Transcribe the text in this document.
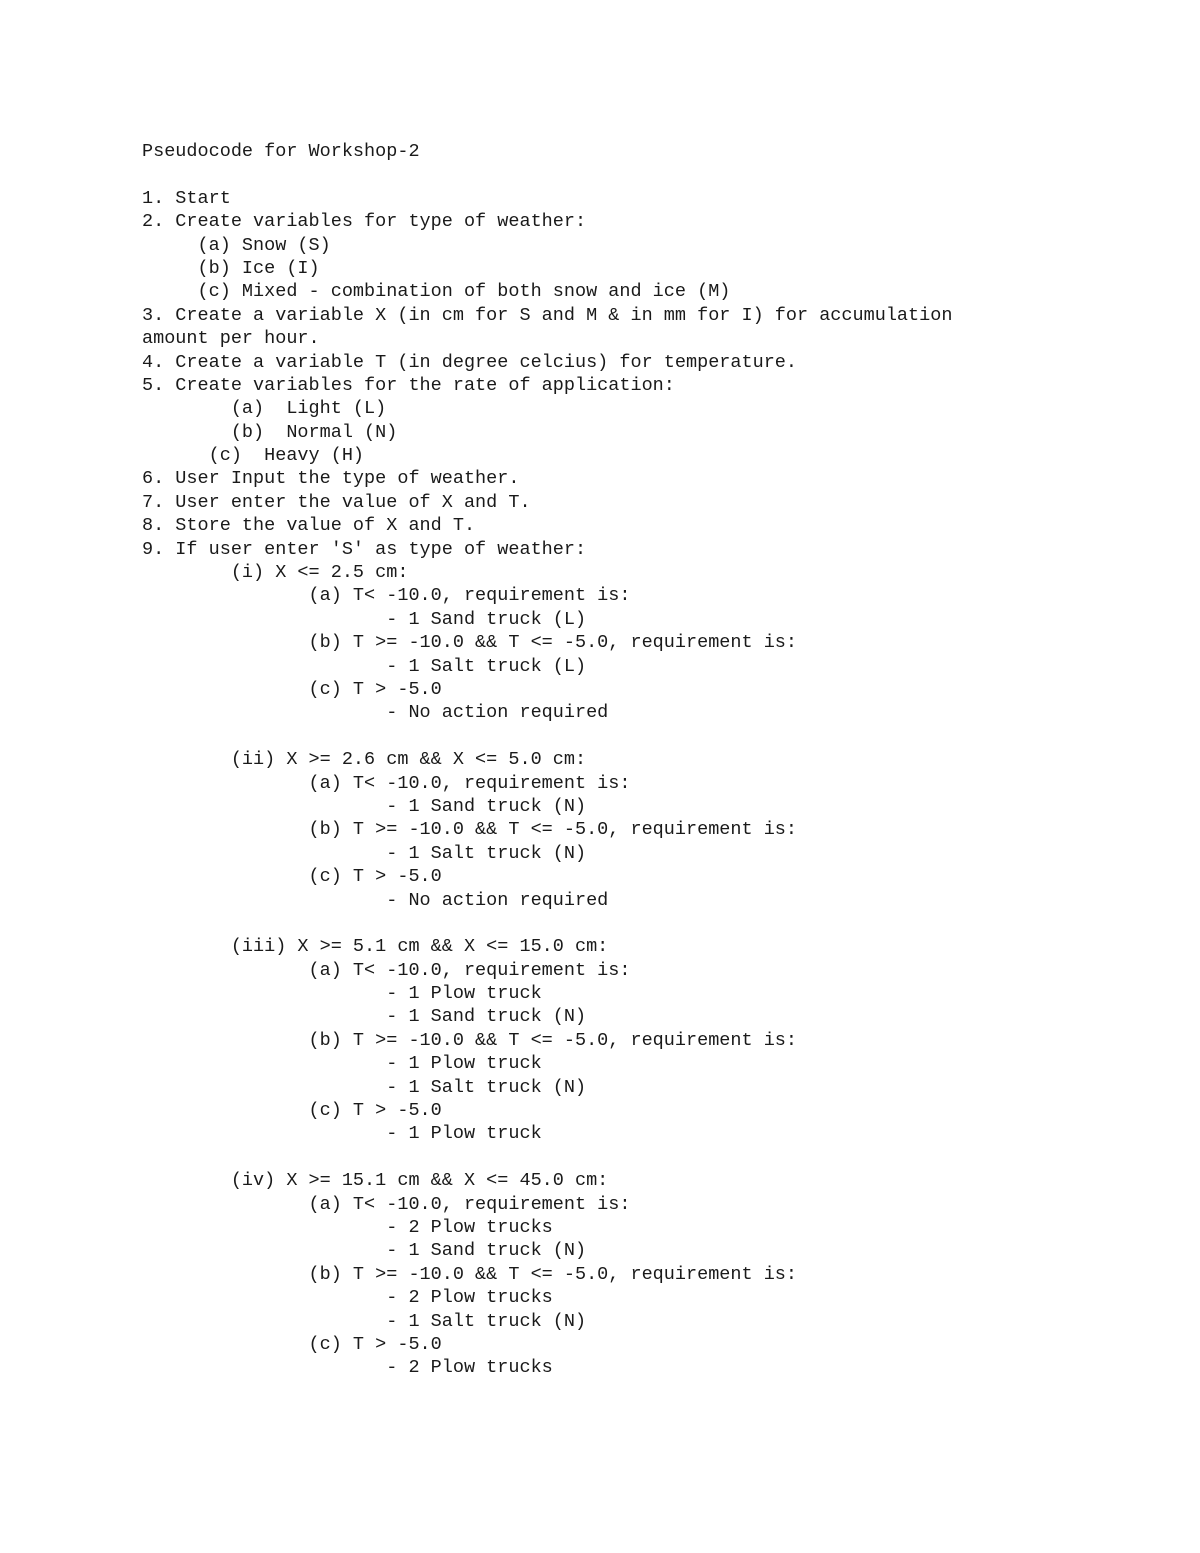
Pseudocode for Workshop-2
1. Start
2. Create variables for type of weather:
(a) Snow (S)
(b) Ice (I)
(c) Mixed - combination of both snow and ice (M)
3. Create a variable X (in cm for S and M & in mm for I) for accumulation
amount per hour.
4. Create a variable T (in degree celcius) for temperature.
5. Create variables for the rate of application:
(a)  Light (L)
(b)  Normal (N)
(c)  Heavy (H)
6. User Input the type of weather.
7. User enter the value of X and T.
8. Store the value of X and T.
9. If user enter 'S' as type of weather:
(i) X <= 2.5 cm:
(a) T< -10.0, requirement is:
- 1 Sand truck (L)
(b) T >= -10.0 && T <= -5.0, requirement is:
- 1 Salt truck (L)
(c) T > -5.0
- No action required
(ii) X >= 2.6 cm && X <= 5.0 cm:
(a) T< -10.0, requirement is:
- 1 Sand truck (N)
(b) T >= -10.0 && T <= -5.0, requirement is:
- 1 Salt truck (N)
(c) T > -5.0
- No action required
(iii) X >= 5.1 cm && X <= 15.0 cm:
(a) T< -10.0, requirement is:
- 1 Plow truck
- 1 Sand truck (N)
(b) T >= -10.0 && T <= -5.0, requirement is:
- 1 Plow truck
- 1 Salt truck (N)
(c) T > -5.0
- 1 Plow truck
(iv) X >= 15.1 cm && X <= 45.0 cm:
(a) T< -10.0, requirement is:
- 2 Plow trucks
- 1 Sand truck (N)
(b) T >= -10.0 && T <= -5.0, requirement is:
- 2 Plow trucks
- 1 Salt truck (N)
(c) T > -5.0
- 2 Plow trucks
